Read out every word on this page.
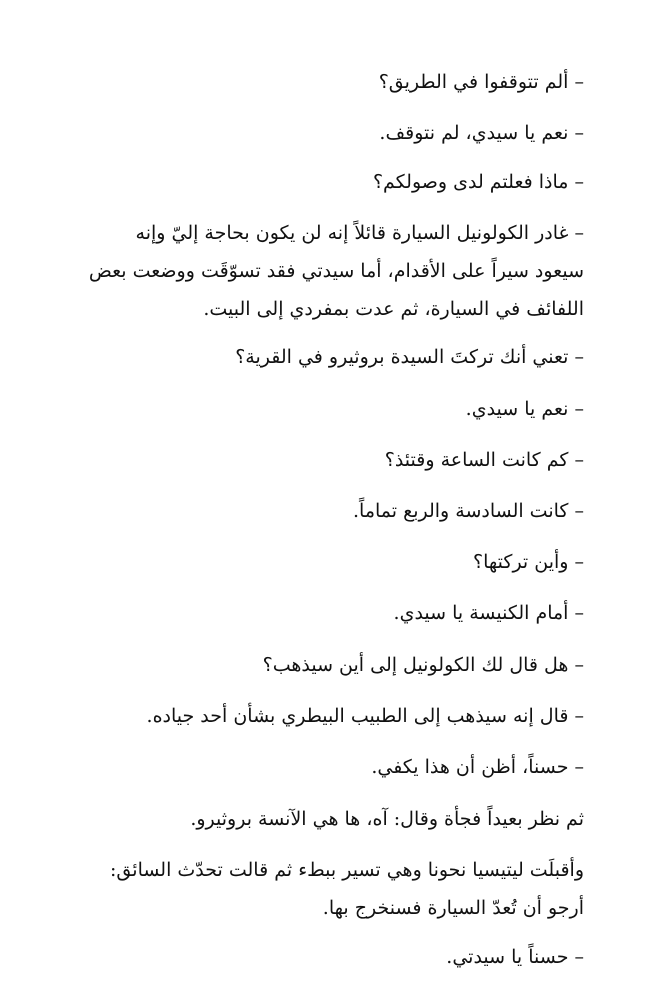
– ألم تتوقفوا في الطريق؟
– نعم يا سيدي، لم نتوقف.
– ماذا فعلتم لدى وصولكم؟
– غادر الكولونيل السيارة قائلاً إنه لن يكون بحاجة إليّ وإنه
سيعود سيراً على الأقدام، أما سيدتي فقد تسوّقَت ووضعت بعض
اللفائف في السيارة، ثم عدت بمفردي إلى البيت.
– تعني أنك تركتَ السيدة بروثيرو في القرية؟
– نعم يا سيدي.
– كم كانت الساعة وقتئذ؟
– كانت السادسة والربع تماماً.
– وأين تركتها؟
– أمام الكنيسة يا سيدي.
– هل قال لك الكولونيل إلى أين سيذهب؟
– قال إنه سيذهب إلى الطبيب البيطري بشأن أحد جياده.
– حسناً، أظن أن هذا يكفي.
ثم نظر بعيداً فجأة وقال: آه، ها هي الآنسة بروثيرو.
وأقبلَت ليتيسيا نحونا وهي تسير ببطء ثم قالت تحدّث السائق:
أرجو أن تُعدّ السيارة فسنخرج بها.
– حسناً يا سيدتي.
